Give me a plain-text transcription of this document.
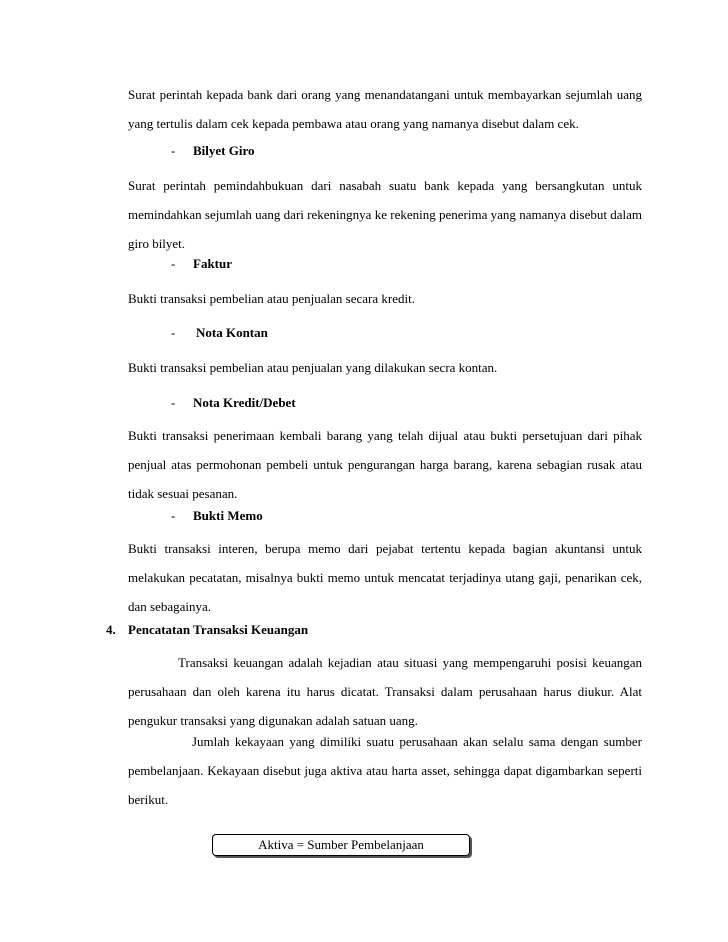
Surat perintah kepada bank dari orang yang menandatangani untuk membayarkan sejumlah uang yang tertulis dalam cek kepada pembawa atau orang yang namanya disebut dalam cek.

- Bilyet Giro

Surat perintah pemindahbukuan dari nasabah suatu bank kepada yang bersangkutan untuk memindahkan sejumlah uang dari rekeningnya ke rekening penerima yang namanya disebut dalam giro bilyet.

- Faktur

Bukti transaksi pembelian atau penjualan secara kredit.

- Nota Kontan

Bukti transaksi pembelian atau penjualan yang dilakukan secra kontan.

- Nota Kredit/Debet

Bukti transaksi penerimaan kembali barang yang telah dijual atau bukti persetujuan dari pihak penjual atas permohonan pembeli untuk pengurangan harga barang, karena sebagian rusak atau tidak sesuai pesanan.

- Bukti Memo

Bukti transaksi interen, berupa memo dari pejabat tertentu kepada bagian akuntansi untuk melakukan pecatatan, misalnya bukti memo untuk mencatat terjadinya utang gaji, penarikan cek, dan sebagainya.

4. Pencatatan Transaksi Keuangan

Transaksi keuangan adalah kejadian atau situasi yang mempengaruhi posisi keuangan perusahaan dan oleh karena itu harus dicatat. Transaksi dalam perusahaan harus diukur. Alat pengukur transaksi yang digunakan adalah satuan uang.

Jumlah kekayaan yang dimiliki suatu perusahaan akan selalu sama dengan sumber pembelanjaan. Kekayaan disebut juga aktiva atau harta asset, sehingga dapat digambarkan seperti berikut.

Aktiva = Sumber Pembelanjaan
